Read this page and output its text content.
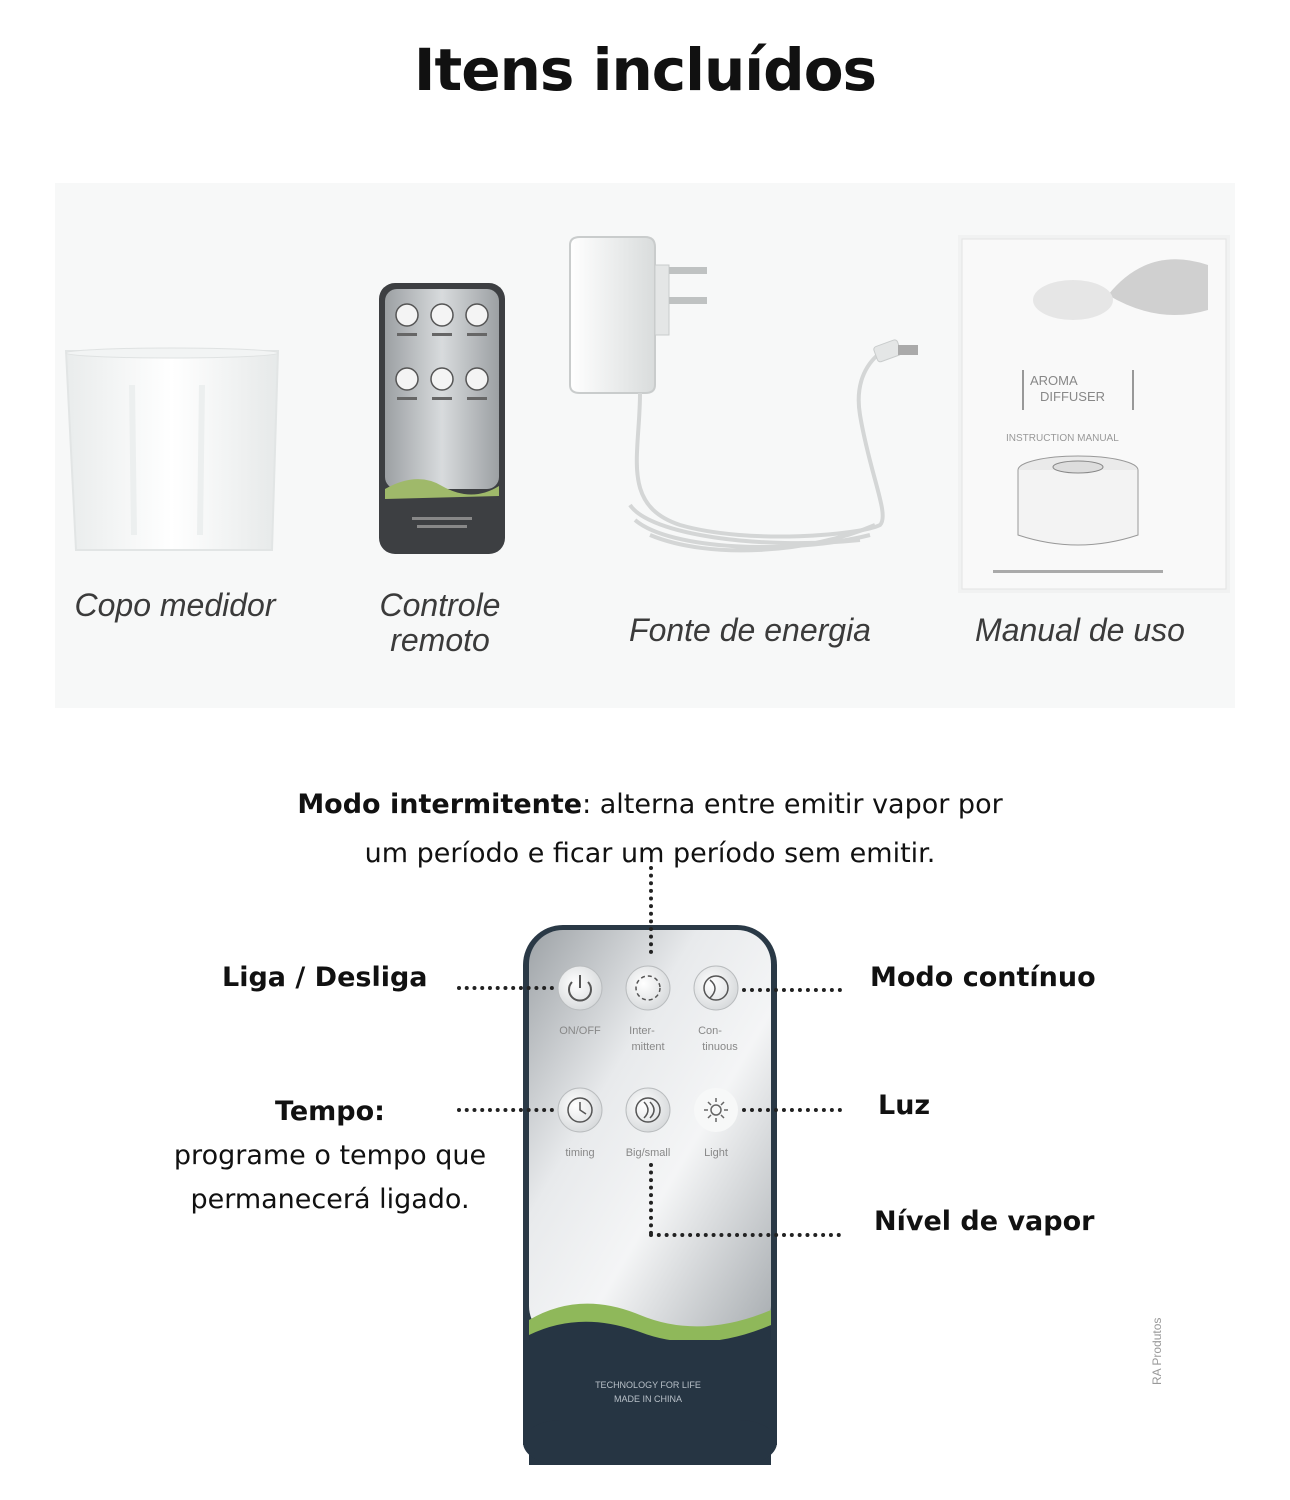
Itens incluídos
Copo medidor	Controle
remoto	Fonte de energia
AROMA
DIFFUSER
INSTRUCTION MANUAL
Manual de uso
Modo intermitente: alterna entre emitir vapor por
um período e ficar um período sem emitir.
ON/OFF	Inter-
mittent
Con-
tinuous
timing	Big/small	Light
TECHNOLOGY FOR LIFE
MADE IN CHINA
Liga / Desliga	Modo contínuo
Tempo:
programe o tempo que
permanecerá ligado.
Luz
Nível de vapor
RA Produtos
